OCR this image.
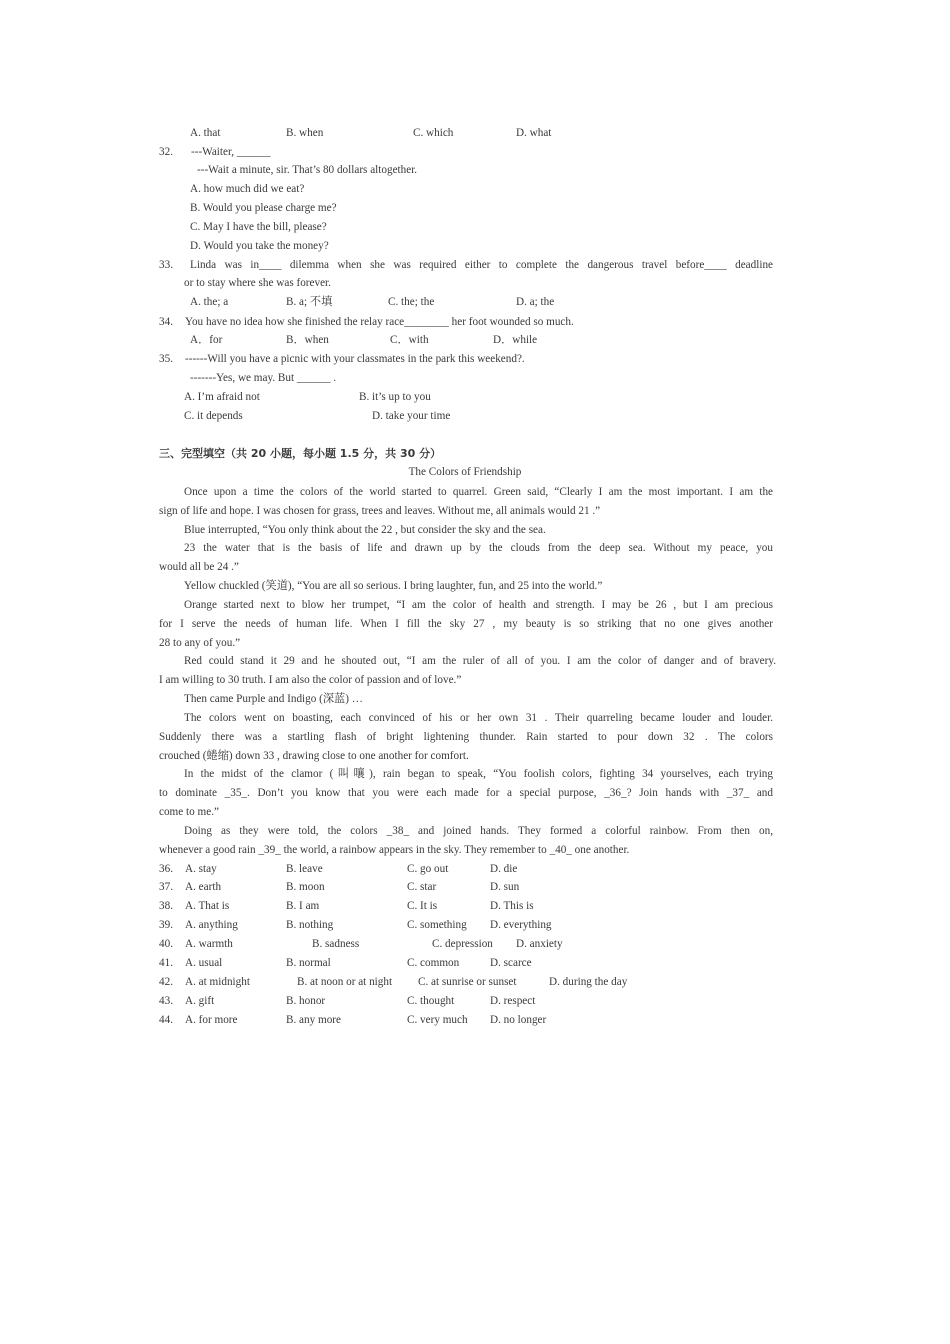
A. that	B. when	C. which	D. what
32. ---Waiter, ______
---Wait a minute, sir. That’s 80 dollars altogether.
A. how much did we eat?
B. Would you please charge me?
C. May I have the bill, please?
D. Would you take the money?
33. Linda was in____ dilemma when she was required either to complete the dangerous travel before____ deadline
or to stay where she was forever.
A. the; a	B. a; 不填	C. the; the	D. a; the
34. You have no idea how she finished the relay race________ her foot wounded so much.
A．for	B．when	C．with	D．while
35. ------Will you have a picnic with your classmates in the park this weekend?.
-------Yes, we may. But ______ .
A. I’m afraid not	B. it’s up to you
C. it depends	D. take your time
三、完型填空（共 20 小题，每小题 1.5 分，共 30 分）
The Colors of Friendship
Once upon a time the colors of the world started to quarrel. Green said, “Clearly I am the most important. I am the
sign of life and hope. I was chosen for grass, trees and leaves. Without me, all animals would 21 .”
Blue interrupted, “You only think about the 22 , but consider the sky and the sea.
23 the water that is the basis of life and drawn up by the clouds from the deep sea. Without my peace, you
would all be 24 .”
Yellow chuckled (笑道), “You are all so serious. I bring laughter, fun, and 25 into the world.”
Orange started next to blow her trumpet, “I am the color of health and strength. I may be 26 , but I am precious
for I serve the needs of human life. When I fill the sky 27 , my beauty is so striking that no one gives another
28 to any of you.”
Red could stand it 29 and he shouted out, “I am the ruler of all of you. I am the color of danger and of bravery.
I am willing to 30 truth. I am also the color of passion and of love.”
Then came Purple and Indigo (深蓝) …
The colors went on boasting, each convinced of his or her own 31 . Their quarreling became louder and louder.
Suddenly there was a startling flash of bright lightening thunder. Rain started to pour down 32 . The colors
crouched (蜷缩) down 33 , drawing close to one another for comfort.
In the midst of the clamor (叫嚷), rain began to speak, “You foolish colors, fighting 34 yourselves, each trying
to dominate _35_. Don’t you know that you were each made for a special purpose, _36_? Join hands with _37_ and
come to me.”
Doing as they were told, the colors _38_ and joined hands. They formed a colorful rainbow. From then on,
whenever a good rain _39_ the world, a rainbow appears in the sky. They remember to _40_ one another.
36. A. stay	B. leave	C. go out	D. die
37. A. earth	B. moon	C. star	D. sun
38. A. That is	B. I am	C. It is	D. This is
39. A. anything	B. nothing	C. something D. everything
40. A. warmth	B. sadness	C. depression D. anxiety
41. A. usual	B. normal	C. common	D. scarce
42. A. at midnight	B. at noon or at night C. at sunrise or sunset	D. during the day
43. A. gift	B. honor	C. thought	D. respect
44. A. for more	B. any more	C. very much D. no longer
